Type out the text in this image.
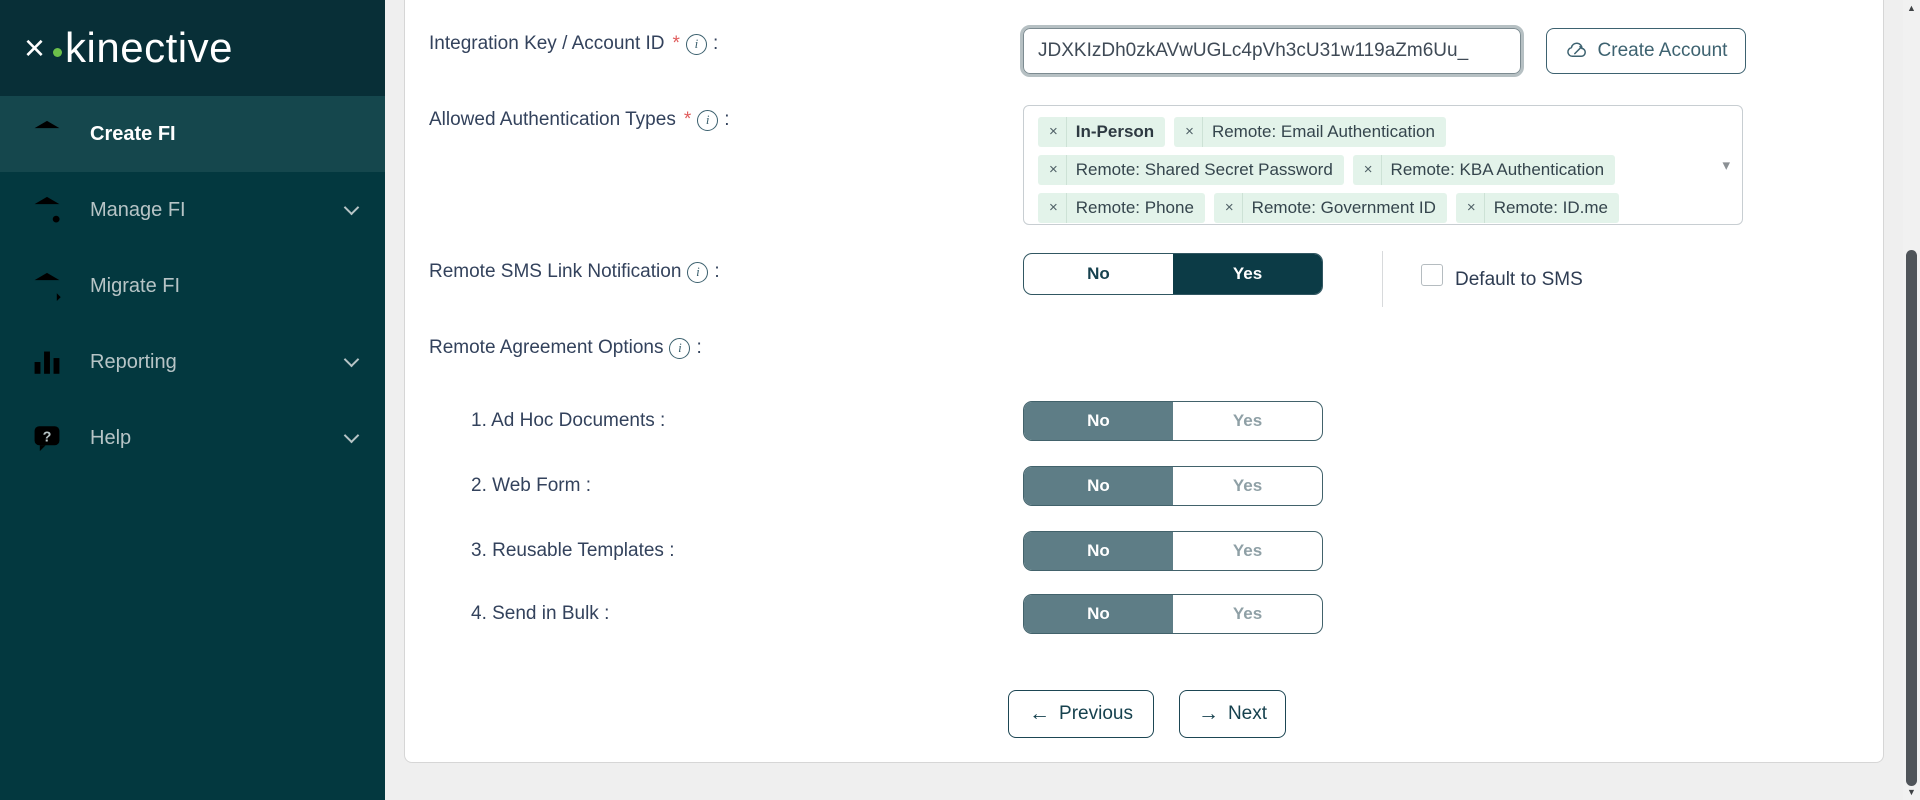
× kinective
Create FI
Manage FI
Migrate FI
Reporting
? Help
Integration Key / Account ID *	i :
JDXKIzDh0zkAVwUGLc4pVh3cU31w119aZm6Uu_	Create Account
Allowed Authentication Types *	i :
×	In-Person ×	Remote: Email Authentication
×	Remote: Shared Secret Password ×	Remote: KBA Authentication
×	Remote: Phone ×	Remote: Government ID ×	Remote: ID.me
▾
Remote SMS Link Notification	i :	No	Yes	Default to SMS
Remote Agreement Options	i :
1. Ad Hoc Documents :	No	Yes
2. Web Form :	No	Yes
3. Reusable Templates :	No	Yes
4. Send in Bulk :	No	Yes
← Previous	→ Next
▲
▼
